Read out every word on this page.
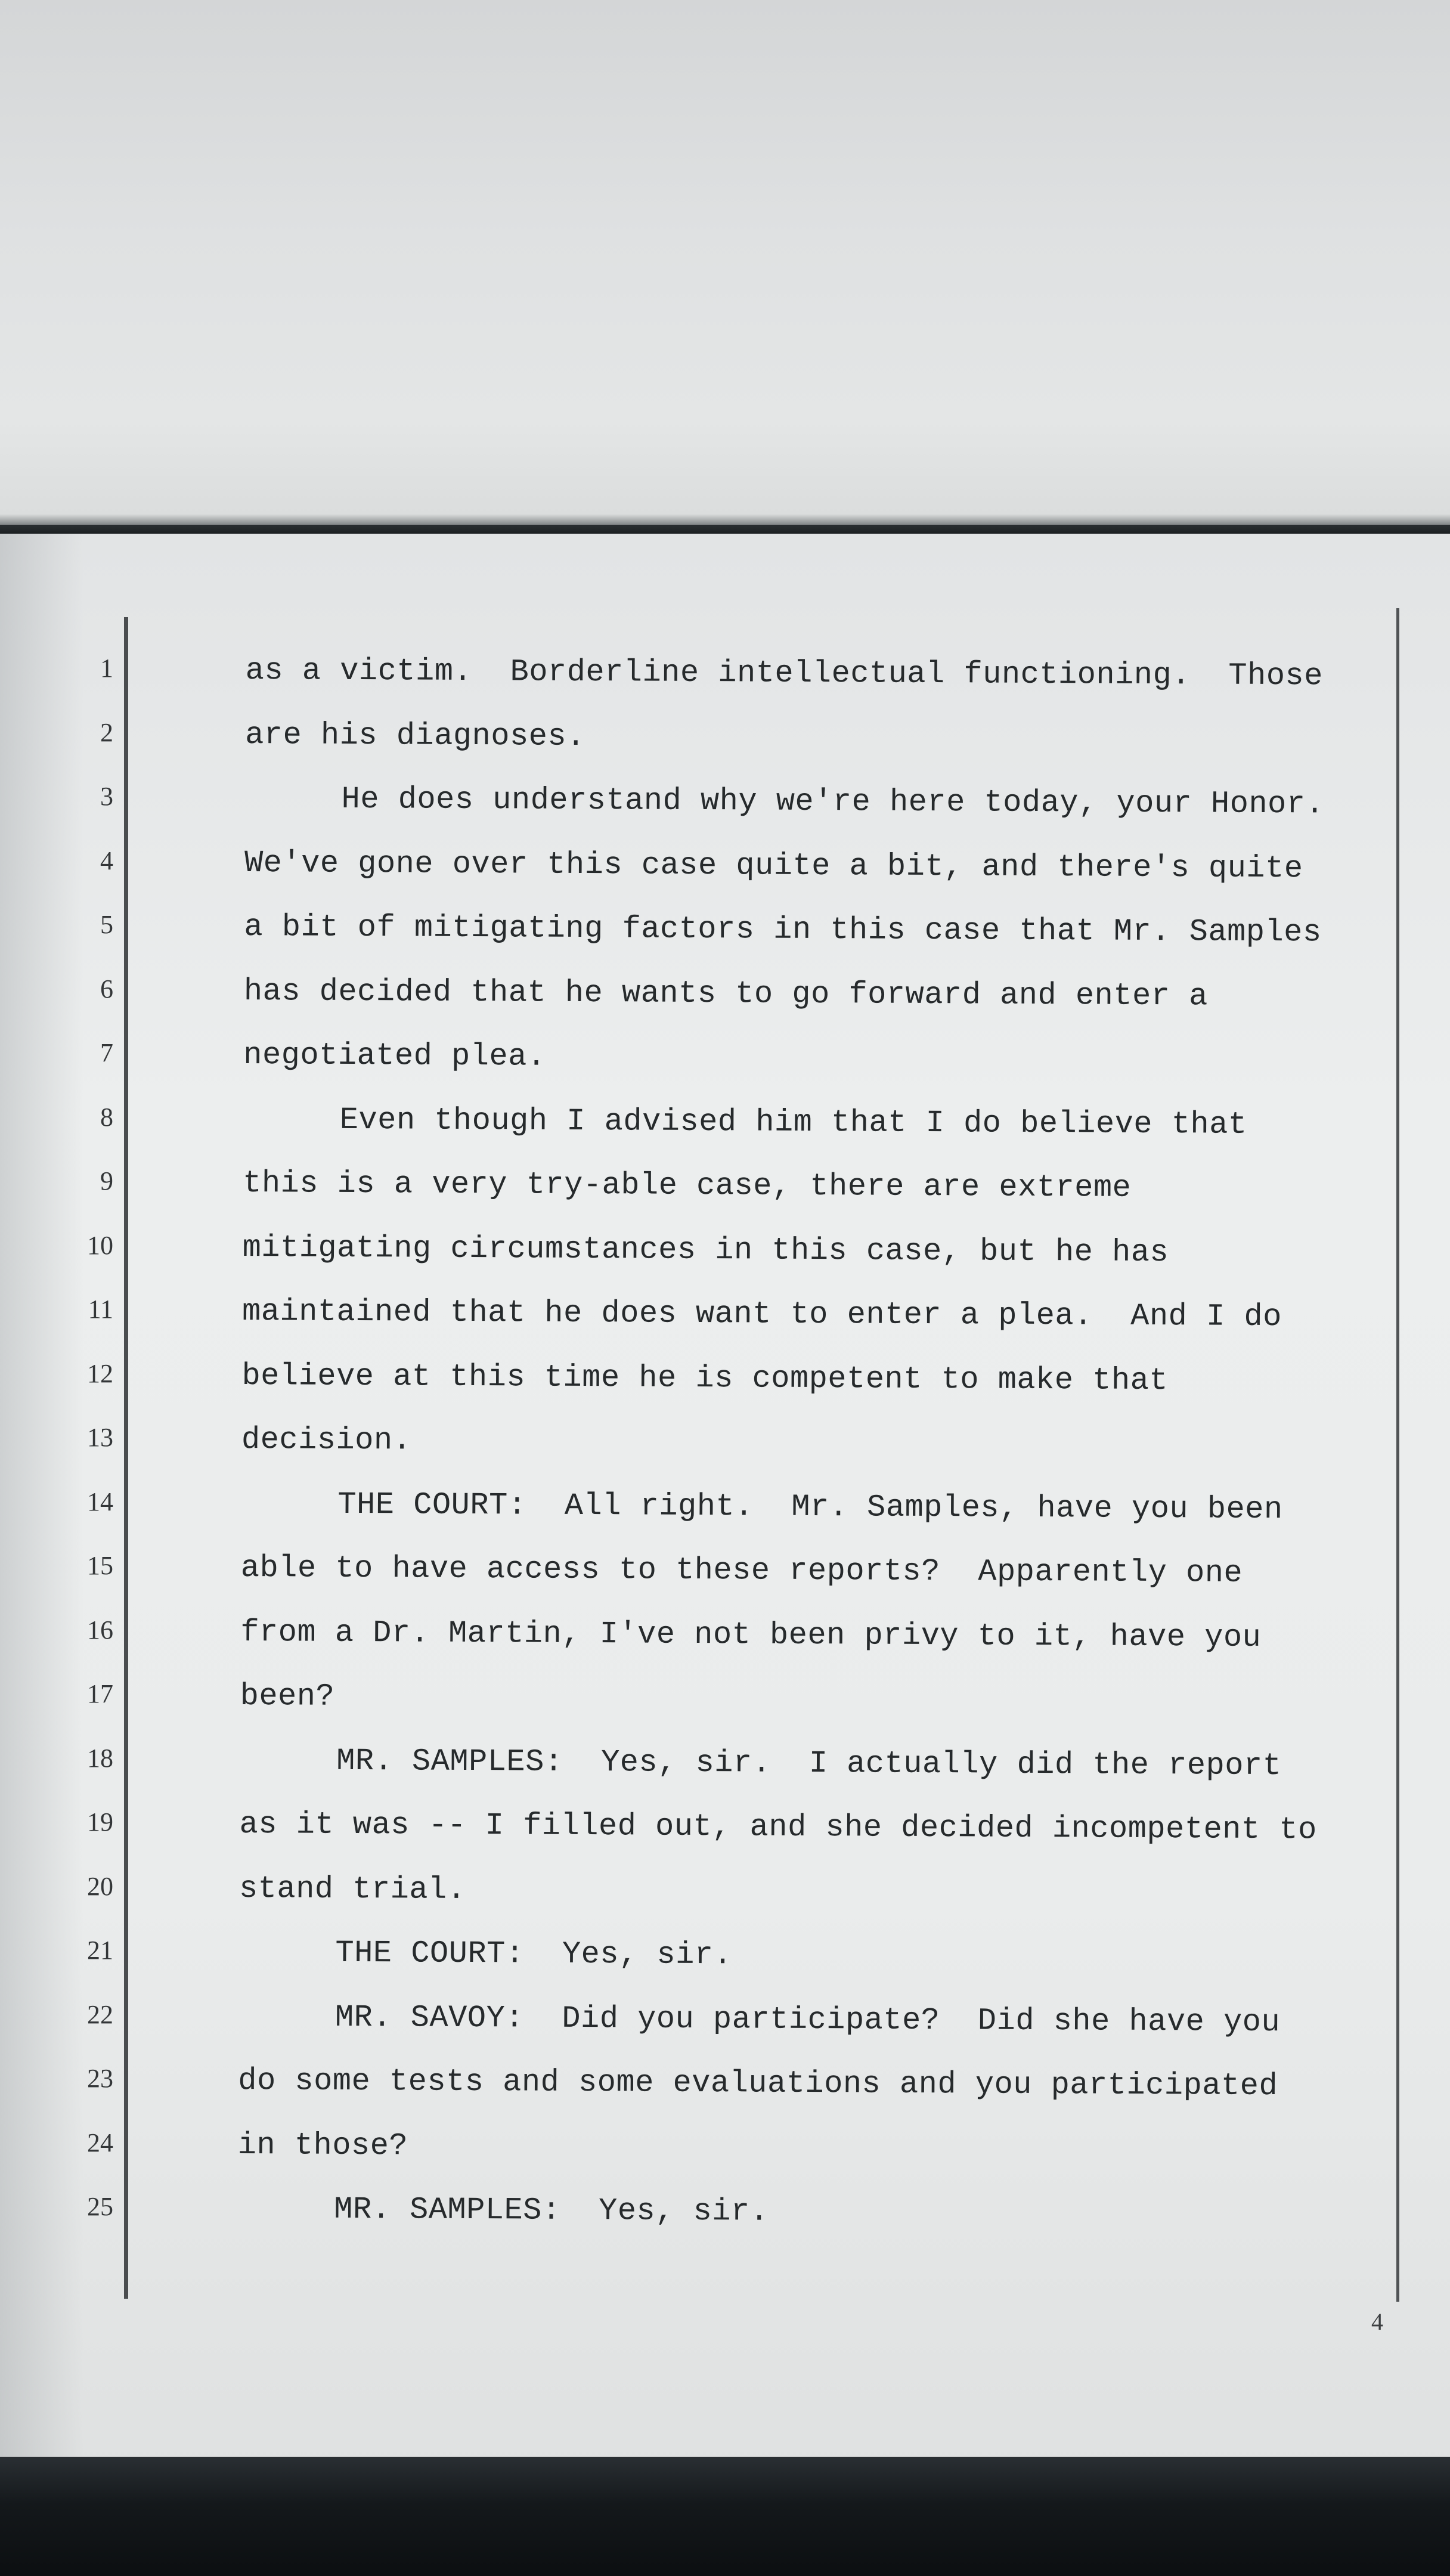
1
2
3
4
5
6
7
8
9
10
11
12
13
14
15
16
17
18
19
20
21
22
23
24
25
as a victim.  Borderline intellectual functioning.  Those
are his diagnoses.
He does understand why we're here today, your Honor.
We've gone over this case quite a bit, and there's quite
a bit of mitigating factors in this case that Mr. Samples
has decided that he wants to go forward and enter a
negotiated plea.
Even though I advised him that I do believe that
this is a very try-able case, there are extreme
mitigating circumstances in this case, but he has
maintained that he does want to enter a plea.  And I do
believe at this time he is competent to make that
decision.
THE COURT:  All right.  Mr. Samples, have you been
able to have access to these reports?  Apparently one
from a Dr. Martin, I've not been privy to it, have you
been?
MR. SAMPLES:  Yes, sir.  I actually did the report
as it was -- I filled out, and she decided incompetent to
stand trial.
THE COURT:  Yes, sir.
MR. SAVOY:  Did you participate?  Did she have you
do some tests and some evaluations and you participated
in those?
MR. SAMPLES:  Yes, sir.
4
